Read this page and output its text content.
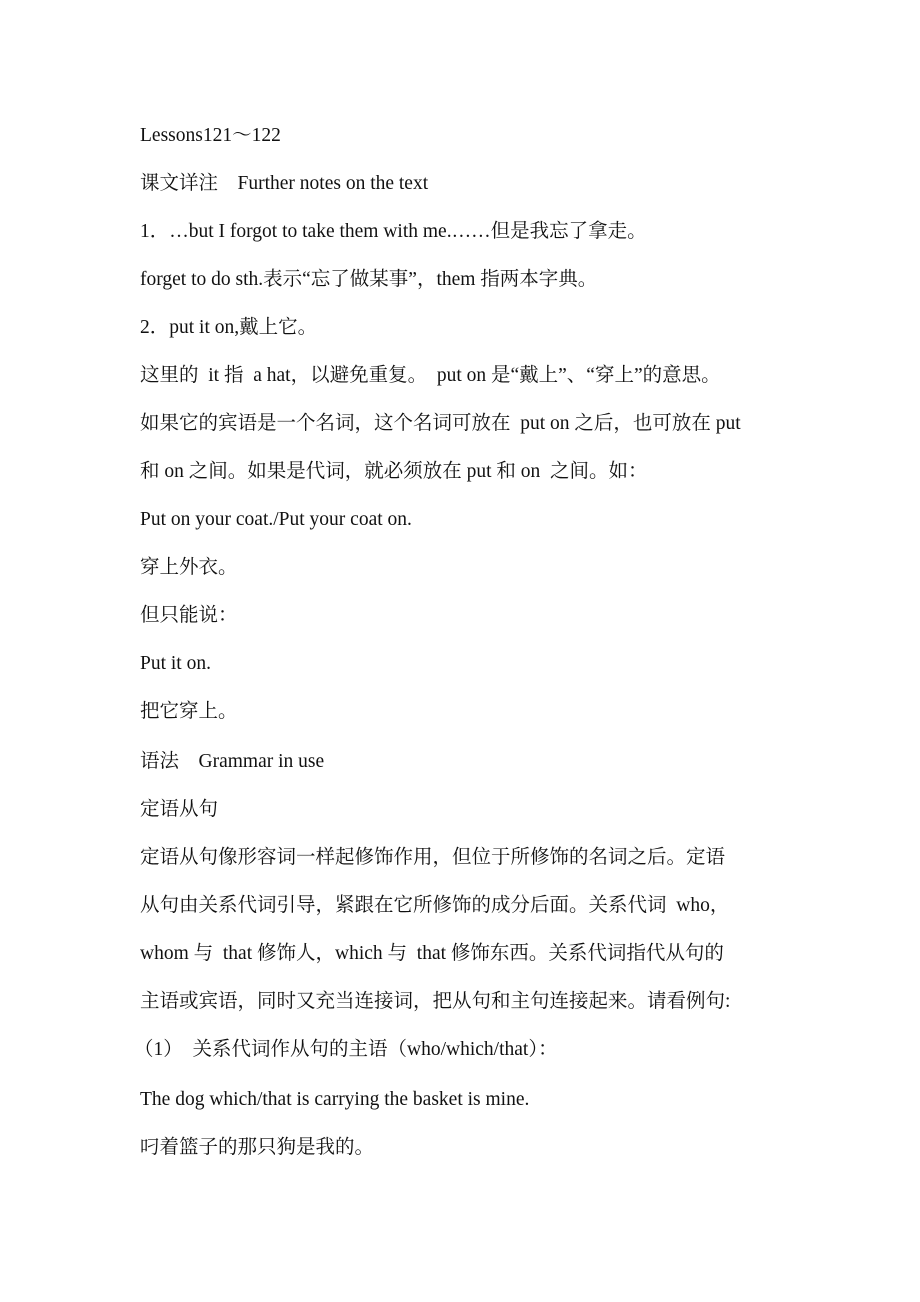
Lessons121～122
课文详注　Further notes on the text
1．…but I forgot to take them with me.……但是我忘了拿走。
forget to do sth.表示“忘了做某事”，them 指两本字典。
2．put it on,戴上它。
这里的  it 指  a hat，以避免重复。  put on 是“戴上”、“穿上”的意思。
如果它的宾语是一个名词，这个名词可放在  put on 之后，也可放在 put
和 on 之间。如果是代词，就必须放在 put 和 on  之间。如：
Put on your coat./Put your coat on.
穿上外衣。
但只能说：
Put it on.
把它穿上。
语法　Grammar in use
定语从句
定语从句像形容词一样起修饰作用，但位于所修饰的名词之后。定语
从句由关系代词引导，紧跟在它所修饰的成分后面。关系代词  who，
whom 与  that 修饰人，which 与  that 修饰东西。关系代词指代从句的
主语或宾语，同时又充当连接词，把从句和主句连接起来。请看例句:
（1）  关系代词作从句的主语（who/which/that）：
The dog which/that is carrying the basket is mine.
叼着篮子的那只狗是我的。
